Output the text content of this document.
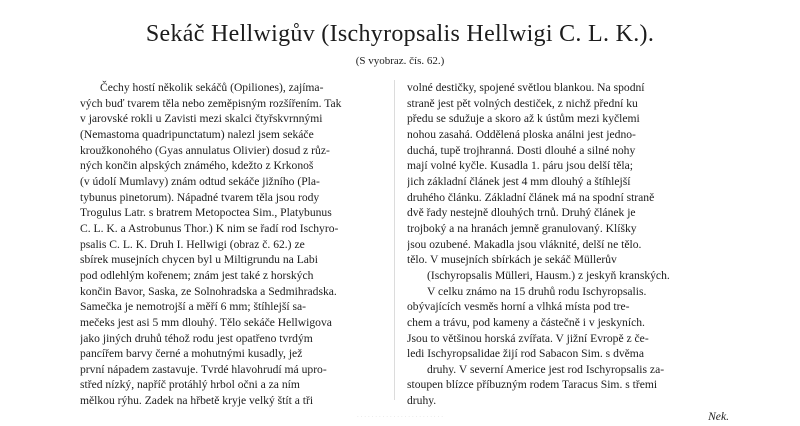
Sekáč Hellwigův (Ischyropsalis Hellwigi C. L. K.).
(S vyobraz. čís. 62.)
Čechy hostí několik sekáčů (Opiliones), zajíma-
vých buď tvarem těla nebo zeměpisným rozšířením. Tak
v jarovské rokli u Zavisti mezi skalci čtyřskvrnnými
(Nemastoma quadripunctatum) nalezl jsem sekáče
kroužkonohého (Gyas annulatus Olivier) dosud z růz-
ných končin alpských známého, kdežto z Krkonoš
(v údolí Mumlavy) znám odtud sekáče jižního (Pla-
tybunus pinetorum). Nápadné tvarem těla jsou rody
Trogulus Latr. s bratrem Metopoctea Sim., Platybunus
C. L. K. a Astrobunus Thor.) K nim se řadí rod Ischyro-
psalis C. L. K. Druh I. Hellwigi (obraz č. 62.) ze
sbírek musejních chycen byl u Miltigrundu na Labi
pod odlehlým kořenem; znám jest také z horských
končin Bavor, Saska, ze Solnohradska a Sedmihradska.
Samečka je nemotrojší a měří 6 mm; štíhlejší sa-
mečeks jest asi 5 mm dlouhý. Tělo sekáče Hellwigova
jako jiných druhů téhož rodu jest opatřeno tvrdým
pancířem barvy černé a mohutnými kusadly, jež
první nápadem zastavuje. Tvrdé hlavohrudí má upro-
střed nízký, napříč protáhlý hrbol očni a za ním
mělkou rýhu. Zadek na hřbetě kryje velký štít a tři
volné destičky, spojené světlou blankou. Na spodní
straně jest pět volných destiček, z nichž přední ku
předu se sdužuje a skoro až k ústům mezi kyčlemi
nohou zasahá. Oddělená ploska análni jest jedno-
duchá, tupě trojhranná. Dosti dlouhé a silné nohy
mají volné kyčle. Kusadla 1. páru jsou delší těla;
jich základní článek jest 4 mm dlouhý a štíhlejší
druhého článku. Základní článek má na spodní straně
dvě řady nestejně dlouhých trnů. Druhý článek je
trojboký a na hranách jemně granulovaný. Klíšky
jsou ozubené. Makadla jsou vláknité, delší ne tělo.
tělo. V musejních sbírkách je sekáč Müllerův
(Ischyropsalis Mülleri, Hausm.) z jeskyň kranských.
V celku známo na 15 druhů rodu Ischyropsalis.
obývajících vesměs horní a vlhká místa pod tre-
chem a trávu, pod kameny a částečně i v jeskyních.
Jsou to většinou horská zvířata. V jižní Evropě z če-
ledi Ischyropsalidae žijí rod Sabacon Sim. s dvěma
druhy. V severní Americe jest rod Ischyropsalis za-
stoupen blízce příbuzným rodem Taracus Sim. s třemi
druhy.
Nek.
· · · · · · · · · · · · · · · · · · · · · · · ·
